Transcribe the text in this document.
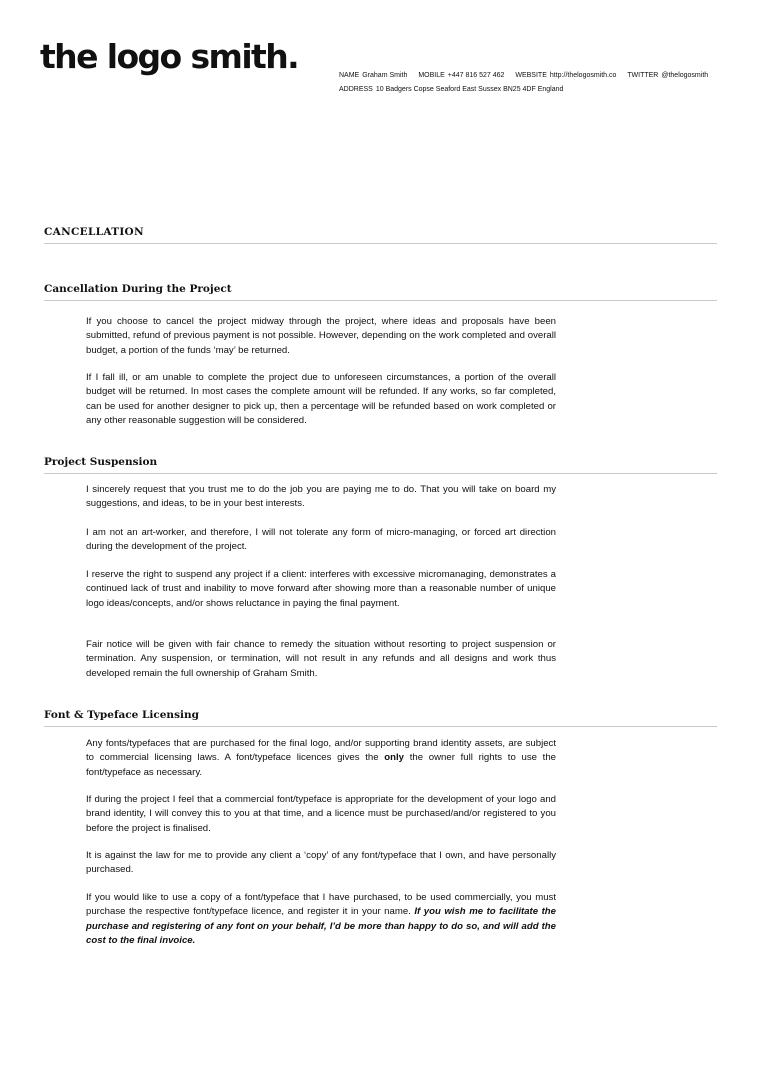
the logo smith.	NAME Graham Smith MOBILE +447 816 527 462 WEBSITE http://thelogosmith.co TWITTER @thelogosmith
ADDRESS 10 Badgers Copse Seaford East Sussex BN25 4DF England
CANCELLATION
Cancellation During the Project

If you choose to cancel the project midway through the project, where ideas and proposals have been submitted, refund of previous payment is not possible. However, depending on the work completed and overall budget, a portion of the funds ‘may’ be returned.

If I fall ill, or am unable to complete the project due to unforeseen circumstances, a portion of the overall budget will be returned. In most cases the complete amount will be refunded. If any works, so far completed, can be used for another designer to pick up, then a percentage will be refunded based on work completed or any other reasonable suggestion will be considered.

Project Suspension

I sincerely request that you trust me to do the job you are paying me to do. That you will take on board my suggestions, and ideas, to be in your best interests.

I am not an art-worker, and therefore, I will not tolerate any form of micro-managing, or forced art direction during the development of the project.

I reserve the right to suspend any project if a client: interferes with excessive micromanaging, demonstrates a continued lack of trust and inability to move forward after showing more than a reasonable number of unique logo ideas/concepts, and/or shows reluctance in paying the final payment.

Fair notice will be given with fair chance to remedy the situation without resorting to project suspension or termination. Any suspension, or termination, will not result in any refunds and all designs and work thus developed remain the full ownership of Graham Smith.

Font & Typeface Licensing

Any fonts/typefaces that are purchased for the final logo, and/or supporting brand identity assets, are subject to commercial licensing laws. A font/typeface licences gives the only the owner full rights to use the font/typeface as necessary.

If during the project I feel that a commercial font/typeface is appropriate for the development of your logo and brand identity, I will convey this to you at that time, and a licence must be purchased/and/or registered to you before the project is finalised.

It is against the law for me to provide any client a ‘copy’ of any font/typeface that I own, and have personally purchased.

If you would like to use a copy of a font/typeface that I have purchased, to be used commercially, you must purchase the respective font/typeface licence, and register it in your name. If you wish me to facilitate the purchase and registering of any font on your behalf, I’d be more than happy to do so, and will add the cost to the final invoice.
